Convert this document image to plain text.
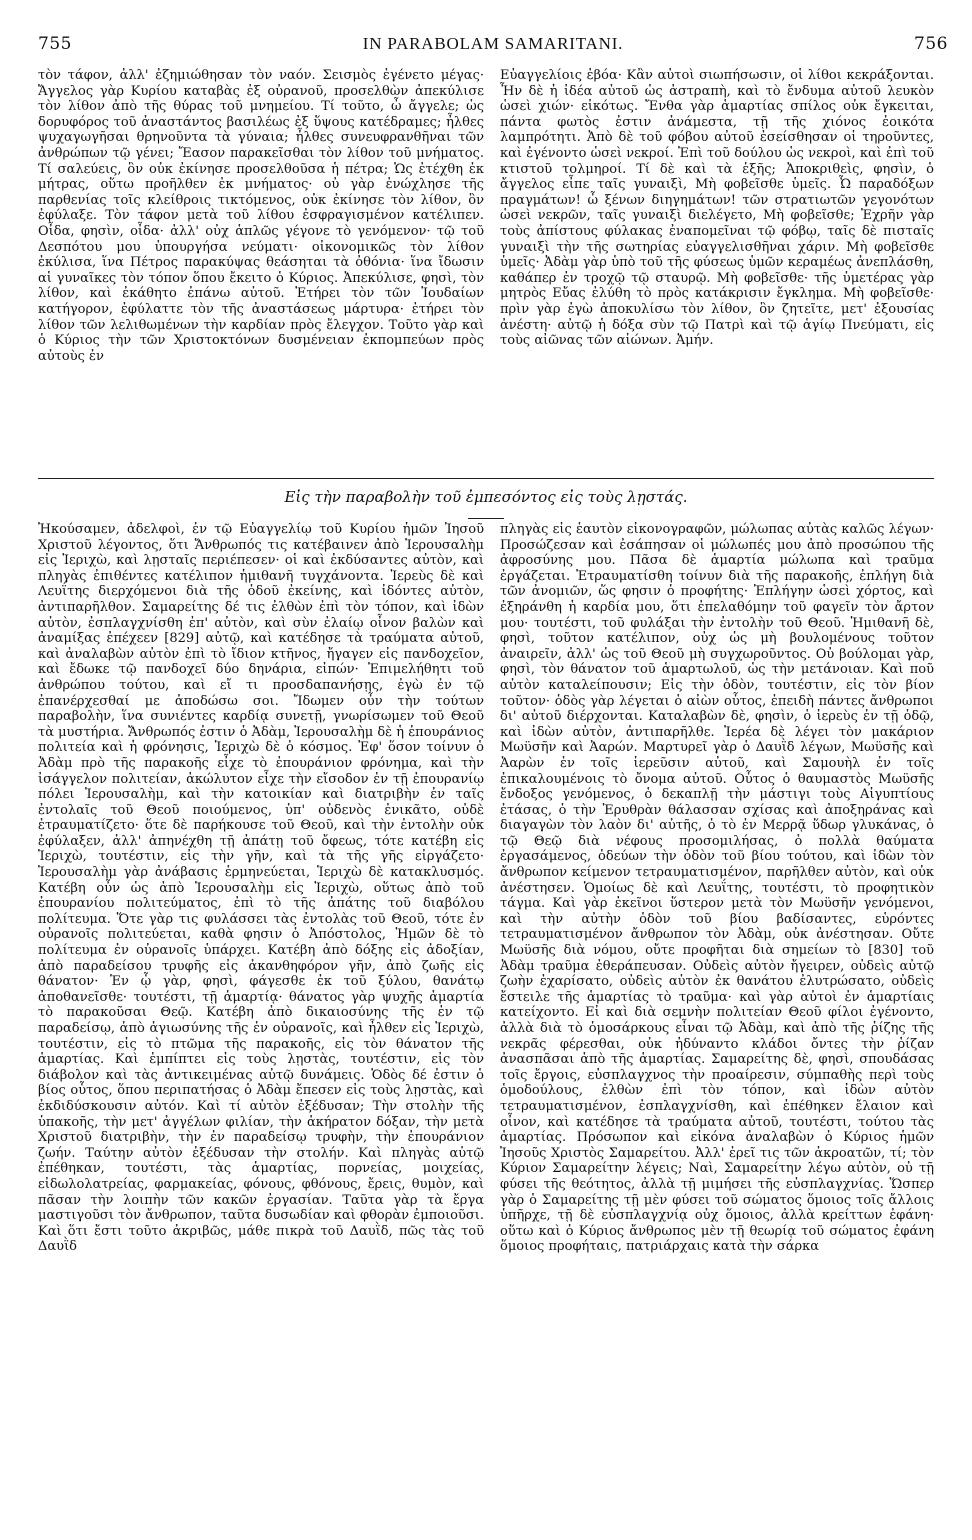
755	IN PARABOLAM SAMARITANI.	756

τὸν τάφον, ἀλλ' ἐζημιώθησαν τὸν ναόν. Σεισμὸς ἐγένετο μέγας· Ἄγγελος γὰρ Κυρίου καταβὰς ἐξ οὐρανοῦ, προσελθὼν ἀπεκύλισε τὸν λίθον ἀπὸ τῆς θύρας τοῦ μνημείου. Τί τοῦτο, ὦ ἄγγελε; ὡς δορυφόρος τοῦ ἀναστάντος βασιλέως ἐξ ὕψους κατέδραμες; ἦλθες ψυχαγωγῆσαι θρηνοῦντα τὰ γύναια; ἦλθες συνευφρανθῆναι τῶν ἀνθρώπων τῷ γένει; Ἔασον παρακεῖσθαι τὸν λίθον τοῦ μνήματος. Τί σαλεύεις, ὃν οὐκ ἐκίνησε προσελθοῦσα ἡ πέτρα; Ὡς ἐτέχθη ἐκ μήτρας, οὕτω προῆλθεν ἐκ μνήματος· οὐ γὰρ ἐνώχλησε τῆς παρθενίας τοῖς κλείθροις τικτόμενος, οὐκ ἐκίνησε τὸν λίθον, ὃν ἐφύλαξε. Τὸν τάφον μετὰ τοῦ λίθου ἐσφραγισμένον κατέλιπεν. Οἶδα, φησὶν, οἶδα· ἀλλ' οὐχ ἁπλῶς γέγονε τὸ γενόμενον· τῷ τοῦ Δεσπότου μου ὑπουργήσα νεύματι· οἰκονομικῶς τὸν λίθον ἐκύλισα, ἵνα Πέτρος παρακύψας θεάσηται τὰ ὀθόνια· ἵνα ἴδωσιν αἱ γυναῖκες τὸν τόπον ὅπου ἔκειτο ὁ Κύριος. Ἀπεκύλισε, φησὶ, τὸν λίθον, καὶ ἐκάθητο ἐπάνω αὐτοῦ. Ἐτήρει τὸν τῶν Ἰουδαίων κατήγορον, ἐφύλαττε τὸν τῆς ἀναστάσεως μάρτυρα· ἐτήρει τὸν λίθον τῶν λελιθωμένων τὴν καρδίαν πρὸς ἔλεγχον. Τοῦτο γὰρ καὶ ὁ Κύριος τὴν τῶν Χριστοκτόνων δυσμένειαν ἐκπομπεύων πρὸς αὐτοὺς ἐν

Εὐαγγελίοις ἐβόα· Κἂν αὐτοὶ σιωπήσωσιν, οἱ λίθοι κεκράξονται. Ἦν δὲ ἡ ἰδέα αὐτοῦ ὡς ἀστραπὴ, καὶ τὸ ἔνδυμα αὐτοῦ λευκὸν ὡσεὶ χιών· εἰκότως. Ἔνθα γὰρ ἁμαρτίας σπίλος οὐκ ἔγκειται, πάντα φωτὸς ἐστιν ἀνάμεστα, τῇ τῆς χιόνος ἐοικότα λαμπρότητι. Ἀπὸ δὲ τοῦ φόβου αὐτοῦ ἐσείσθησαν οἱ τηροῦντες, καὶ ἐγένοντο ὡσεὶ νεκροί. Ἐπὶ τοῦ δούλου ὡς νεκροὶ, καὶ ἐπὶ τοῦ κτιστοῦ τολμηροί. Τί δὲ καὶ τὰ ἑξῆς; Ἀποκριθεὶς, φησὶν, ὁ ἄγγελος εἶπε ταῖς γυναιξὶ, Μὴ φοβεῖσθε ὑμεῖς. Ὦ παραδόξων πραγμάτων! ὦ ξένων διηγημάτων! τῶν στρατιωτῶν γεγονότων ὡσεὶ νεκρῶν, ταῖς γυναιξὶ διελέγετο, Μὴ φοβεῖσθε; Ἐχρῆν γὰρ τοὺς ἀπίστους φύλακας ἐναπομεῖναι τῷ φόβῳ, ταῖς δὲ πισταῖς γυναιξὶ τὴν τῆς σωτηρίας εὐαγγελισθῆναι χάριν. Μὴ φοβεῖσθε ὑμεῖς· Ἀδὰμ γὰρ ὑπὸ τοῦ τῆς φύσεως ὑμῶν κεραμέως ἀνεπλάσθη, καθάπερ ἐν τροχῷ τῷ σταυρῷ. Μὴ φοβεῖσθε· τῆς ὑμετέρας γὰρ μητρὸς Εὔας ἐλύθη τὸ πρὸς κατάκρισιν ἔγκλημα. Μὴ φοβεῖσθε· πρὶν γὰρ ἐγὼ ἀποκυλίσω τὸν λίθον, ὃν ζητεῖτε, μετ' ἐξουσίας ἀνέστη· αὐτῷ ἡ δόξα σὺν τῷ Πατρὶ καὶ τῷ ἁγίῳ Πνεύματι, εἰς τοὺς αἰῶνας τῶν αἰώνων. Ἀμήν.

Εἰς τὴν παραβολὴν τοῦ ἐμπεσόντος εἰς τοὺς λῃστάς.

Ἠκούσαμεν, ἀδελφοὶ, ἐν τῷ Εὐαγγελίῳ τοῦ Κυρίου ἡμῶν Ἰησοῦ Χριστοῦ λέγοντος, ὅτι Ἄνθρωπός τις κατέβαινεν ἀπὸ Ἱερουσαλὴμ εἰς Ἱεριχὼ, καὶ λῃσταῖς περιέπεσεν· οἱ καὶ ἐκδύσαντες αὐτὸν, καὶ πληγὰς ἐπιθέντες κατέλιπον ἡμιθανῆ τυγχάνοντα. Ἱερεὺς δὲ καὶ Λευΐτης διερχόμενοι διὰ τῆς ὁδοῦ ἐκείνης, καὶ ἰδόντες αὐτὸν, ἀντιπαρῆλθον. Σαμαρείτης δέ τις ἐλθὼν ἐπὶ τὸν τόπον, καὶ ἰδὼν αὐτὸν, ἐσπλαγχνίσθη ἐπ' αὐτὸν, καὶ σὺν ἐλαίῳ οἶνον βαλὼν καὶ ἀναμίξας ἐπέχεεν [829] αὐτῷ, καὶ κατέδησε τὰ τραύματα αὐτοῦ, καὶ ἀναλαβὼν αὐτὸν ἐπὶ τὸ ἴδιον κτῆνος, ἤγαγεν εἰς πανδοχεῖον, καὶ ἔδωκε τῷ πανδοχεῖ δύο δηνάρια, εἰπών· Ἐπιμελήθητι τοῦ ἀνθρώπου τούτου, καὶ εἴ τι προσδαπανήσῃς, ἐγὼ ἐν τῷ ἐπανέρχεσθαί με ἀποδώσω σοι. Ἴδωμεν οὖν τὴν τούτων παραβολὴν, ἵνα συνιέντες καρδίᾳ συνετῇ, γνωρίσωμεν τοῦ Θεοῦ τὰ μυστήρια. Ἄνθρωπός ἐστιν ὁ Ἀδὰμ, Ἱερουσαλὴμ δὲ ἡ ἐπουράνιος πολιτεία καὶ ἡ φρόνησις, Ἱεριχὼ δὲ ὁ κόσμος. Ἐφ' ὅσον τοίνυν ὁ Ἀδὰμ πρὸ τῆς παρακοῆς εἶχε τὸ ἐπουράνιον φρόνημα, καὶ τὴν ἰσάγγελον πολιτείαν, ἀκώλυτον εἶχε τὴν εἴσοδον ἐν τῇ ἐπουρανίῳ πόλει Ἱερουσαλὴμ, καὶ τὴν κατοικίαν καὶ διατριβὴν ἐν ταῖς ἐντολαῖς τοῦ Θεοῦ ποιούμενος, ὑπ' οὐδενὸς ἐνικᾶτο, οὐδὲ ἐτραυματίζετο· ὅτε δὲ παρήκουσε τοῦ Θεοῦ, καὶ τὴν ἐντολὴν οὐκ ἐφύλαξεν, ἀλλ' ἀπηνέχθη τῇ ἀπάτῃ τοῦ ὄφεως, τότε κατέβη εἰς Ἱεριχὼ, τουτέστιν, εἰς τὴν γῆν, καὶ τὰ τῆς γῆς εἰργάζετο· Ἱερουσαλὴμ γὰρ ἀνάβασις ἑρμηνεύεται, Ἱεριχὼ δὲ κατακλυσμός. Κατέβη οὖν ὡς ἀπὸ Ἱερουσαλὴμ εἰς Ἱεριχὼ, οὕτως ἀπὸ τοῦ ἐπουρανίου πολιτεύματος, ἐπὶ τὸ τῆς ἀπάτης τοῦ διαβόλου πολίτευμα. Ὅτε γὰρ τις φυλάσσει τὰς ἐντολὰς τοῦ Θεοῦ, τότε ἐν οὐρανοῖς πολιτεύεται, καθὰ φησιν ὁ Ἀπόστολος, Ἡμῶν δὲ τὸ πολίτευμα ἐν οὐρανοῖς ὑπάρχει. Κατέβη ἀπὸ δόξης εἰς ἀδοξίαν, ἀπὸ παραδείσου τρυφῆς εἰς ἀκανθηφόρον γῆν, ἀπὸ ζωῆς εἰς θάνατον· Ἐν ᾧ γὰρ, φησὶ, φάγεσθε ἐκ τοῦ ξύλου, θανάτῳ ἀποθανεῖσθε· τουτέστι, τῇ ἁμαρτίᾳ· θάνατος γὰρ ψυχῆς ἁμαρτία τὸ παρακοῦσαι Θεῷ. Κατέβη ἀπὸ δικαιοσύνης τῆς ἐν τῷ παραδείσῳ, ἀπὸ ἁγιωσύνης τῆς ἐν οὐρανοῖς, καὶ ἦλθεν εἰς Ἱεριχὼ, τουτέστιν, εἰς τὸ πτῶμα τῆς παρακοῆς, εἰς τὸν θάνατον τῆς ἁμαρτίας. Καὶ ἐμπίπτει εἰς τοὺς λῃστὰς, τουτέστιν, εἰς τὸν διάβολον καὶ τὰς ἀντικειμένας αὐτῷ δυνάμεις. Ὁδὸς δέ ἐστιν ὁ βίος οὗτος, ὅπου περιπατήσας ὁ Ἀδὰμ ἔπεσεν εἰς τοὺς λῃστὰς, καὶ ἐκδιδύσκουσιν αὐτόν. Καὶ τί αὐτὸν ἐξέδυσαν; Τὴν στολὴν τῆς ὑπακοῆς, τὴν μετ' ἀγγέλων φιλίαν, τὴν ἀκήρατον δόξαν, τὴν μετὰ Χριστοῦ διατριβὴν, τὴν ἐν παραδείσῳ τρυφὴν, τὴν ἐπουράνιον ζωήν. Ταύτην αὐτὸν ἐξέδυσαν τὴν στολήν. Καὶ πληγὰς αὐτῷ ἐπέθηκαν, τουτέστι, τὰς ἁμαρτίας, πορνείας, μοιχείας, εἰδωλολατρείας, φαρμακείας, φόνους, φθόνους, ἔρεις, θυμὸν, καὶ πᾶσαν τὴν λοιπὴν τῶν κακῶν ἐργασίαν. Ταῦτα γὰρ τὰ ἔργα μαστιγοῦσι τὸν ἄνθρωπον, ταῦτα δυσωδίαν καὶ φθορὰν ἐμποιοῦσι. Καὶ ὅτι ἔστι τοῦτο ἀκριβῶς, μάθε πικρὰ τοῦ Δαυῒδ, πῶς τὰς τοῦ Δαυῒδ

πληγὰς εἰς ἑαυτὸν εἰκονογραφῶν, μώλωπας αὐτὰς καλῶς λέγων· Προσώζεσαν καὶ ἐσάπησαν οἱ μώλωπές μου ἀπὸ προσώπου τῆς ἀφροσύνης μου. Πᾶσα δὲ ἁμαρτία μώλωπα καὶ τραῦμα ἐργάζεται. Ἐτραυματίσθη τοίνυν διὰ τῆς παρακοῆς, ἐπλήγη διὰ τῶν ἀνομιῶν, ὥς φησιν ὁ προφήτης· Ἐπλήγην ὡσεὶ χόρτος, καὶ ἐξηράνθη ἡ καρδία μου, ὅτι ἐπελαθόμην τοῦ φαγεῖν τὸν ἄρτον μου· τουτέστι, τοῦ φυλάξαι τὴν ἐντολὴν τοῦ Θεοῦ. Ἡμιθανῆ δὲ, φησὶ, τοῦτον κατέλιπον, οὐχ ὡς μὴ βουλομένους τοῦτον ἀναιρεῖν, ἀλλ' ὡς τοῦ Θεοῦ μὴ συγχωροῦντος. Οὐ βούλομαι γὰρ, φησὶ, τὸν θάνατον τοῦ ἁμαρτωλοῦ, ὡς τὴν μετάνοιαν. Καὶ ποῦ αὐτὸν καταλείπουσιν; Εἰς τὴν ὁδὸν, τουτέστιν, εἰς τὸν βίον τοῦτον· ὁδὸς γὰρ λέγεται ὁ αἰὼν οὗτος, ἐπειδὴ πάντες ἄνθρωποι δι' αὐτοῦ διέρχονται. Καταλαβὼν δὲ, φησὶν, ὁ ἱερεὺς ἐν τῇ ὁδῷ, καὶ ἰδὼν αὐτὸν, ἀντιπαρῆλθε. Ἱερέα δὲ λέγει τὸν μακάριον Μωϋσῆν καὶ Ἀαρών. Μαρτυρεῖ γὰρ ὁ Δαυῒδ λέγων, Μωϋσῆς καὶ Ἀαρὼν ἐν τοῖς ἱερεῦσιν αὐτοῦ, καὶ Σαμουὴλ ἐν τοῖς ἐπικαλουμένοις τὸ ὄνομα αὐτοῦ. Οὗτος ὁ θαυμαστὸς Μωϋσῆς ἔνδοξος γενόμενος, ὁ δεκαπλῇ τὴν μάστιγι τοὺς Αἰγυπτίους ἐτάσας, ὁ τὴν Ἐρυθρὰν θάλασσαν σχίσας καὶ ἀποξηράνας καὶ διαγαγὼν τὸν λαὸν δι' αὐτῆς, ὁ τὸ ἐν Μερρᾷ ὕδωρ γλυκάνας, ὁ τῷ Θεῷ διὰ νέφους προσομιλήσας, ὁ πολλὰ θαύματα ἐργασάμενος, ὁδεύων τὴν ὁδὸν τοῦ βίου τούτου, καὶ ἰδὼν τὸν ἄνθρωπον κείμενον τετραυματισμένον, παρῆλθεν αὐτὸν, καὶ οὐκ ἀνέστησεν. Ὁμοίως δὲ καὶ Λευΐτης, τουτέστι, τὸ προφητικὸν τάγμα. Καὶ γὰρ ἐκεῖνοι ὕστερον μετὰ τὸν Μωϋσῆν γενόμενοι, καὶ τὴν αὐτὴν ὁδὸν τοῦ βίου βαδίσαντες, εὑρόντες τετραυματισμένον ἄνθρωπον τὸν Ἀδὰμ, οὐκ ἀνέστησαν. Οὔτε Μωϋσῆς διὰ νόμου, οὔτε προφῆται διὰ σημείων τὸ [830] τοῦ Ἀδὰμ τραῦμα ἐθεράπευσαν. Οὐδεὶς αὐτὸν ἤγειρεν, οὐδεὶς αὐτῷ ζωὴν ἐχαρίσατο, οὐδεὶς αὐτὸν ἐκ θανάτου ἐλυτρώσατο, οὐδεὶς ἔστειλε τῆς ἁμαρτίας τὸ τραῦμα· καὶ γὰρ αὐτοὶ ἐν ἁμαρτίαις κατείχοντο. Εἰ καὶ διὰ σεμνὴν πολιτείαν Θεοῦ φίλοι ἐγένοντο, ἀλλὰ διὰ τὸ ὁμοσάρκους εἶναι τῷ Ἀδὰμ, καὶ ἀπὸ τῆς ῥίζης τῆς νεκρᾶς φέρεσθαι, οὐκ ἠδύναντο κλάδοι ὄντες τὴν ῥίζαν ἀνασπᾶσαι ἀπὸ τῆς ἁμαρτίας. Σαμαρείτης δὲ, φησὶ, σπουδάσας τοῖς ἔργοις, εὐσπλαγχνος τὴν προαίρεσιν, σύμπαθὴς περὶ τοὺς ὁμοδούλους, ἐλθὼν ἐπὶ τὸν τόπον, καὶ ἰδὼν αὐτὸν τετραυματισμένον, ἐσπλαγχνίσθη, καὶ ἐπέθηκεν ἔλαιον καὶ οἶνον, καὶ κατέδησε τὰ τραύματα αὐτοῦ, τουτέστι, τούτου τὰς ἁμαρτίας. Πρόσωπον καὶ εἰκόνα ἀναλαβὼν ὁ Κύριος ἡμῶν Ἰησοῦς Χριστὸς Σαμαρείτου. Ἀλλ' ἐρεῖ τις τῶν ἀκροατῶν, τί; τὸν Κύριον Σαμαρείτην λέγεις; Ναὶ, Σαμαρείτην λέγω αὐτὸν, οὐ τῇ φύσει τῆς θεότητος, ἀλλὰ τῇ μιμήσει τῆς εὐσπλαγχνίας. Ὥσπερ γὰρ ὁ Σαμαρείτης τῇ μὲν φύσει τοῦ σώματος ὅμοιος τοῖς ἄλλοις ὑπῆρχε, τῇ δὲ εὐσπλαγχνίᾳ οὐχ ὅμοιος, ἀλλὰ κρείττων ἐφάνη· οὕτω καὶ ὁ Κύριος ἄνθρωπος μὲν τῇ θεωρίᾳ τοῦ σώματος ἐφάνη ὅμοιος προφήταις, πατριάρχαις κατὰ τὴν σάρκα
